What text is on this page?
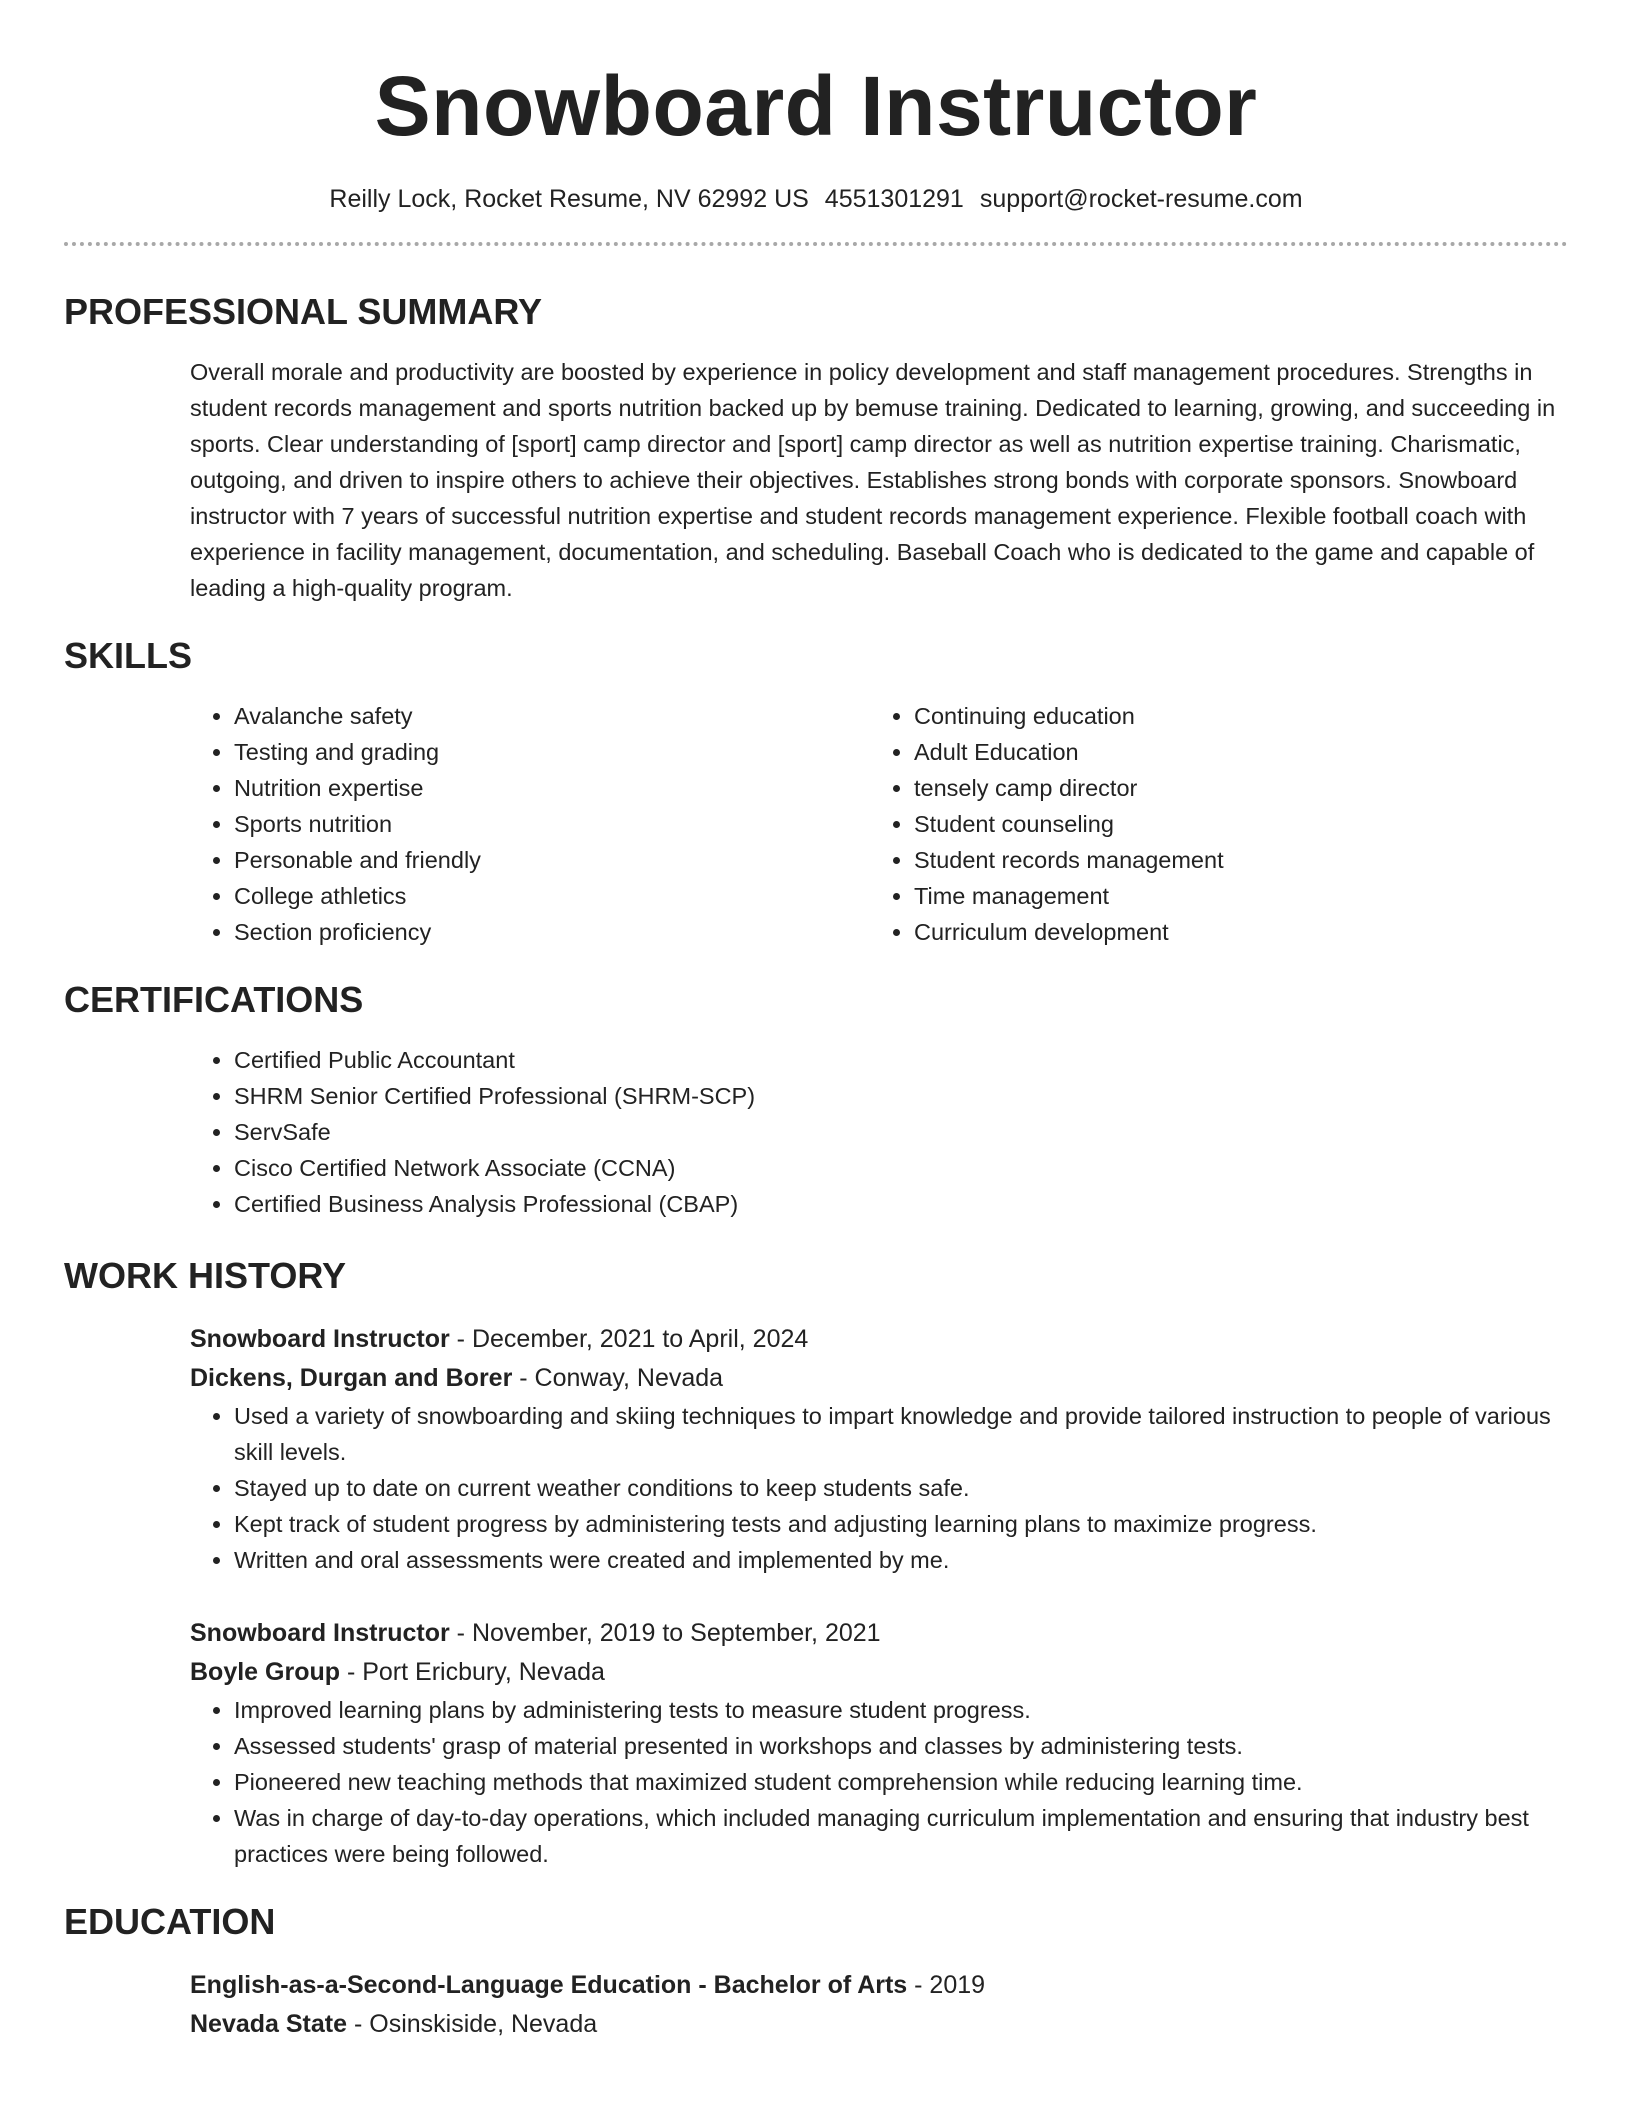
Snowboard Instructor
Reilly Lock, Rocket Resume, NV 62992 US 4551301291 support@rocket-resume.com
PROFESSIONAL SUMMARY
Overall morale and productivity are boosted by experience in policy development and staff management procedures. Strengths in student records management and sports nutrition backed up by bemuse training. Dedicated to learning, growing, and succeeding in sports. Clear understanding of [sport] camp director and [sport] camp director as well as nutrition expertise training. Charismatic, outgoing, and driven to inspire others to achieve their objectives. Establishes strong bonds with corporate sponsors. Snowboard instructor with 7 years of successful nutrition expertise and student records management experience. Flexible football coach with experience in facility management, documentation, and scheduling. Baseball Coach who is dedicated to the game and capable of leading a high-quality program.
SKILLS
• Avalanche safety
• Testing and grading
• Nutrition expertise
• Sports nutrition
• Personable and friendly
• College athletics
• Section proficiency
• Continuing education
• Adult Education
• tensely camp director
• Student counseling
• Student records management
• Time management
• Curriculum development
CERTIFICATIONS
• Certified Public Accountant
• SHRM Senior Certified Professional (SHRM-SCP)
• ServSafe
• Cisco Certified Network Associate (CCNA)
• Certified Business Analysis Professional (CBAP)
WORK HISTORY
Snowboard Instructor - December, 2021 to April, 2024
Dickens, Durgan and Borer - Conway, Nevada
• Used a variety of snowboarding and skiing techniques to impart knowledge and provide tailored instruction to people of various skill levels.
• Stayed up to date on current weather conditions to keep students safe.
• Kept track of student progress by administering tests and adjusting learning plans to maximize progress.
• Written and oral assessments were created and implemented by me.
Snowboard Instructor - November, 2019 to September, 2021
Boyle Group - Port Ericbury, Nevada
• Improved learning plans by administering tests to measure student progress.
• Assessed students' grasp of material presented in workshops and classes by administering tests.
• Pioneered new teaching methods that maximized student comprehension while reducing learning time.
• Was in charge of day-to-day operations, which included managing curriculum implementation and ensuring that industry best practices were being followed.
EDUCATION
English-as-a-Second-Language Education - Bachelor of Arts - 2019
Nevada State - Osinskiside, Nevada
